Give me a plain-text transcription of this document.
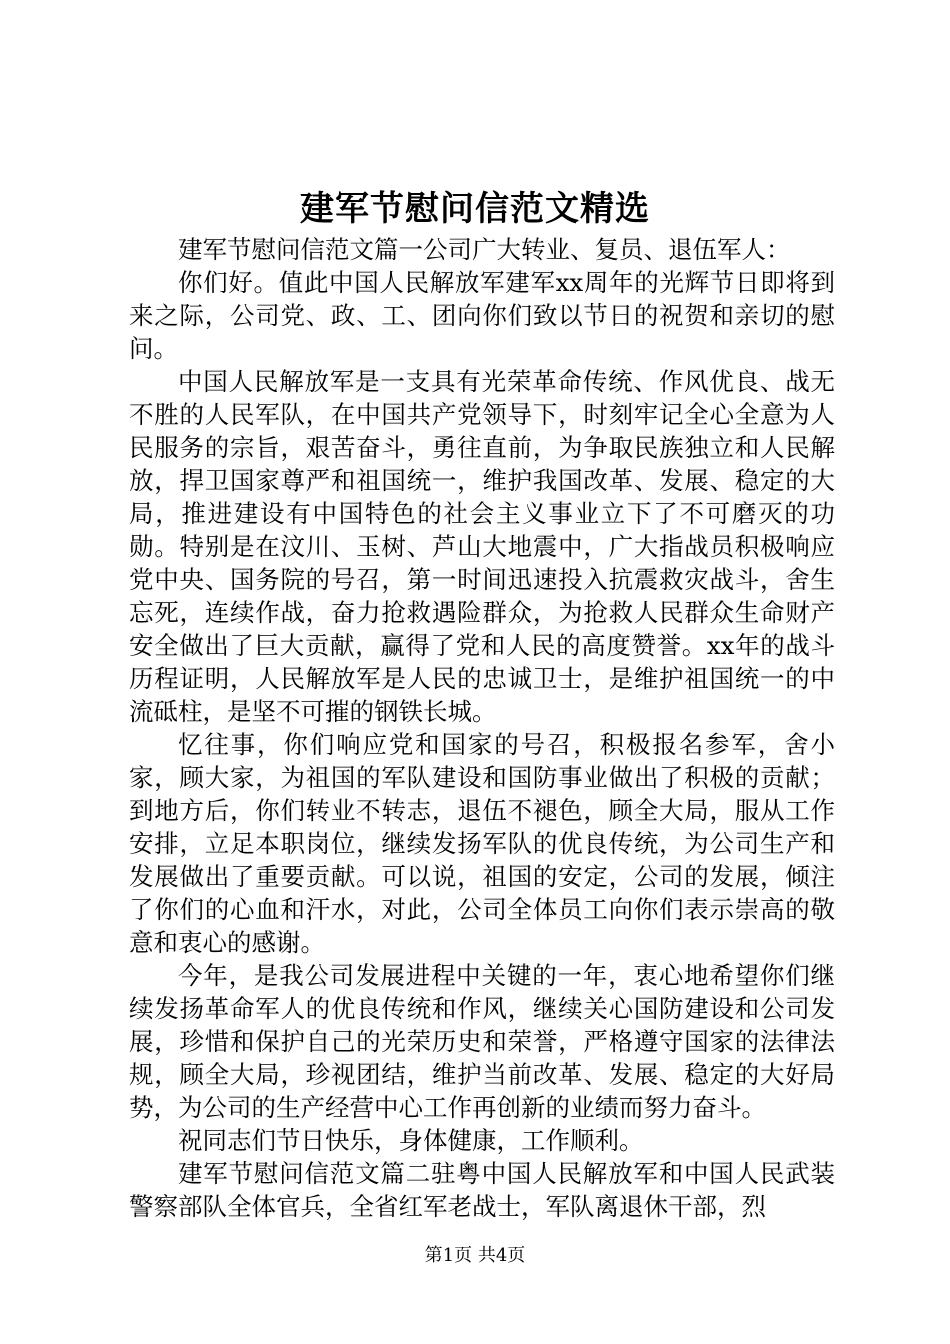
建军节慰问信范文精选

建军节慰问信范文篇一公司广大转业、复员、退伍军人：

你们好。值此中国人民解放军建军xx周年的光辉节日即将到来之际，公司党、政、工、团向你们致以节日的祝贺和亲切的慰问。

中国人民解放军是一支具有光荣革命传统、作风优良、战无不胜的人民军队，在中国共产党领导下，时刻牢记全心全意为人民服务的宗旨，艰苦奋斗，勇往直前，为争取民族独立和人民解放，捍卫国家尊严和祖国统一，维护我国改革、发展、稳定的大局，推进建设有中国特色的社会主义事业立下了不可磨灭的功勋。特别是在汶川、玉树、芦山大地震中，广大指战员积极响应党中央、国务院的号召，第一时间迅速投入抗震救灾战斗，舍生忘死，连续作战，奋力抢救遇险群众，为抢救人民群众生命财产安全做出了巨大贡献，赢得了党和人民的高度赞誉。xx年的战斗历程证明，人民解放军是人民的忠诚卫士，是维护祖国统一的中流砥柱，是坚不可摧的钢铁长城。

忆往事，你们响应党和国家的号召，积极报名参军，舍小家，顾大家，为祖国的军队建设和国防事业做出了积极的贡献；到地方后，你们转业不转志，退伍不褪色，顾全大局，服从工作安排，立足本职岗位，继续发扬军队的优良传统，为公司生产和发展做出了重要贡献。可以说，祖国的安定，公司的发展，倾注了你们的心血和汗水，对此，公司全体员工向你们表示崇高的敬意和衷心的感谢。

今年，是我公司发展进程中关键的一年，衷心地希望你们继续发扬革命军人的优良传统和作风，继续关心国防建设和公司发展，珍惜和保护自己的光荣历史和荣誉，严格遵守国家的法律法规，顾全大局，珍视团结，维护当前改革、发展、稳定的大好局势，为公司的生产经营中心工作再创新的业绩而努力奋斗。

祝同志们节日快乐，身体健康，工作顺利。

建军节慰问信范文篇二驻粤中国人民解放军和中国人民武装警察部队全体官兵，全省红军老战士，军队离退休干部，烈

第1页 共4页
